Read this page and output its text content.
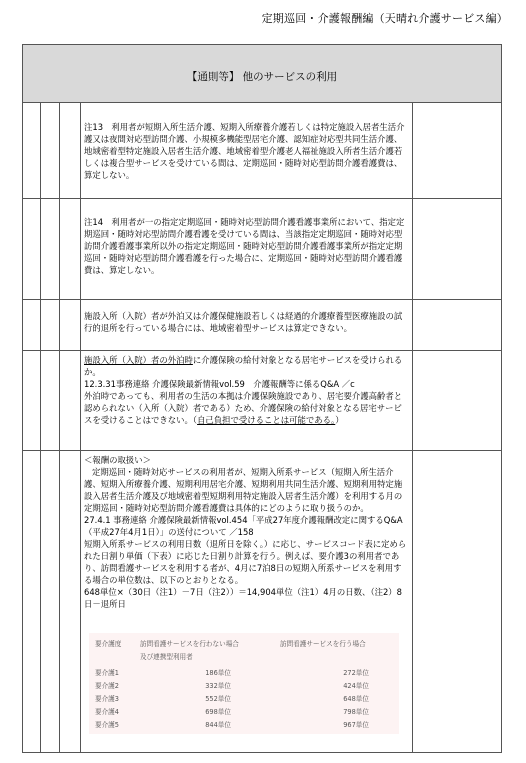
定期巡回・介護報酬編（天晴れ介護サービス編）
【通則等】 他のサービスの利用

注13　利用者が短期入所生活介護、短期入所療養介護若しくは特定施設入居者生活介護又は夜間対応型訪問介護、小規模多機能型居宅介護、認知症対応型共同生活介護、地域密着型特定施設入居者生活介護、地域密着型介護老人福祉施設入所者生活介護若しくは複合型サービスを受けている間は、定期巡回・随時対応型訪問介護看護費は、算定しない。

注14　利用者が一の指定定期巡回・随時対応型訪問介護看護事業所において、指定定期巡回・随時対応型訪問介護看護を受けている間は、当該指定定期巡回・随時対応型訪問介護看護事業所以外の指定定期巡回・随時対応型訪問介護看護事業所が指定定期巡回・随時対応型訪問介護看護を行った場合に、定期巡回・随時対応型訪問介護看護費は、算定しない。

施設入所（入院）者が外泊又は介護保健施設若しくは経過的介護療養型医療施設の試行的退所を行っている場合には、地域密着型サービスは算定できない。

施設入所（入院）者の外泊時に介護保険の給付対象となる居宅サービスを受けられるか。

12.3.31事務連絡 介護保険最新情報vol.59　介護報酬等に係るQ&A ／c

外泊時であっても、利用者の生活の本拠は介護保険施設であり、居宅要介護高齢者と認められない（入所（入院）者である）ため、介護保険の給付対象となる居宅サービスを受けることはできない。（自己負担で受けることは可能である。）

＜報酬の取扱い＞

定期巡回・随時対応サービスの利用者が、短期入所系サービス（短期入所生活介護、短期入所療養介護、短期利用居宅介護、短期利用共同生活介護、短期利用特定施設入居者生活介護及び地域密着型短期利用特定施設入居者生活介護）を利用する月の定期巡回・随時対応型訪問介護看護費は具体的にどのように取り扱うのか。

27.4.1 事務連絡 介護保険最新情報vol.454「平成27年度介護報酬改定に関するQ&A（平成27年4月1日）」の送付について ／158

短期入所系サービスの利用日数（退所日を除く。）に応じ、サービスコード表に定められた日割り単価（下表）に応じた日割り計算を行う。例えば、要介護3の利用者であり、訪問看護サービスを利用する者が、4月に7泊8日の短期入所系サービスを利用する場合の単位数は、以下のとおりとなる。

648単位×（30日（注1）－7日（注2））＝14,904単位（注1）4月の日数、（注2）8日－退所日

要介護度	訪問看護サービスを行わない場合	訪問看護サービスを行う場合
及び連携型利用者
要介護1	186単位	272単位
要介護2	332単位	424単位
要介護3	552単位	648単位
要介護4	698単位	798単位
要介護5	844単位	967単位
